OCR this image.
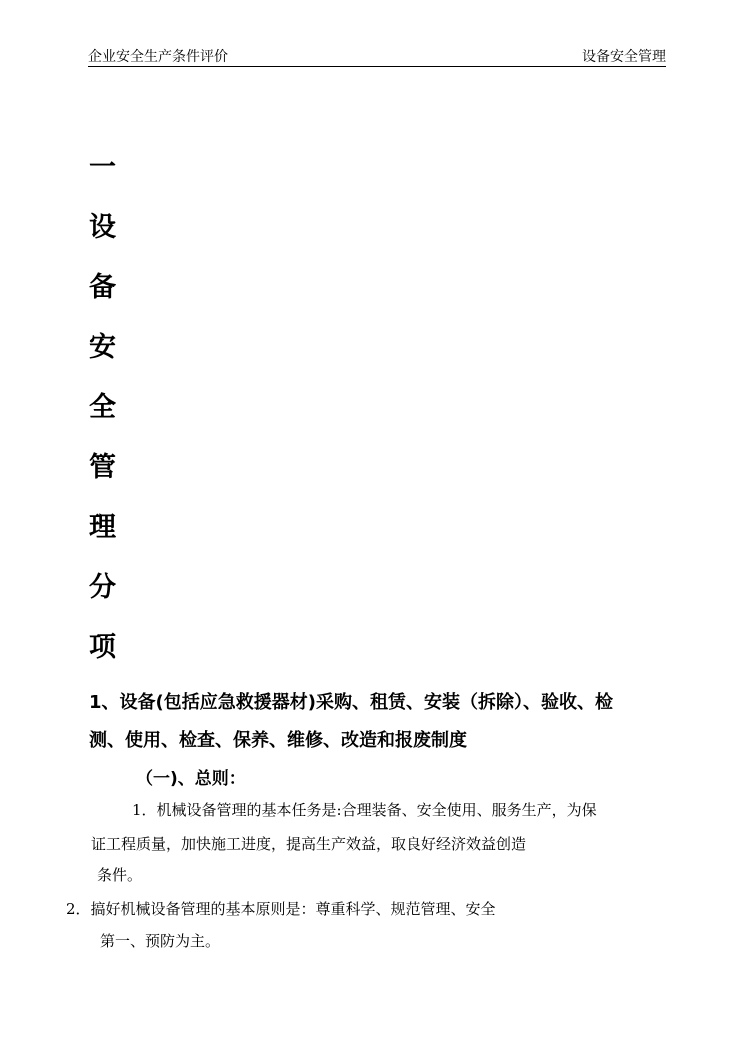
企业安全生产条件评价	设备安全管理
一
设
备
安
全
管
理
分
项
1、设备(包括应急救援器材)采购、租赁、安装（拆除）、验收、检
测、使用、检查、保养、维修、改造和报废制度
（一)、总则：
1．机械设备管理的基本任务是:合理装备、安全使用、服务生产，为保
证工程质量，加快施工进度，提高生产效益，取良好经济效益创造
条件。
2．搞好机械设备管理的基本原则是：尊重科学、规范管理、安全
第一、预防为主。
